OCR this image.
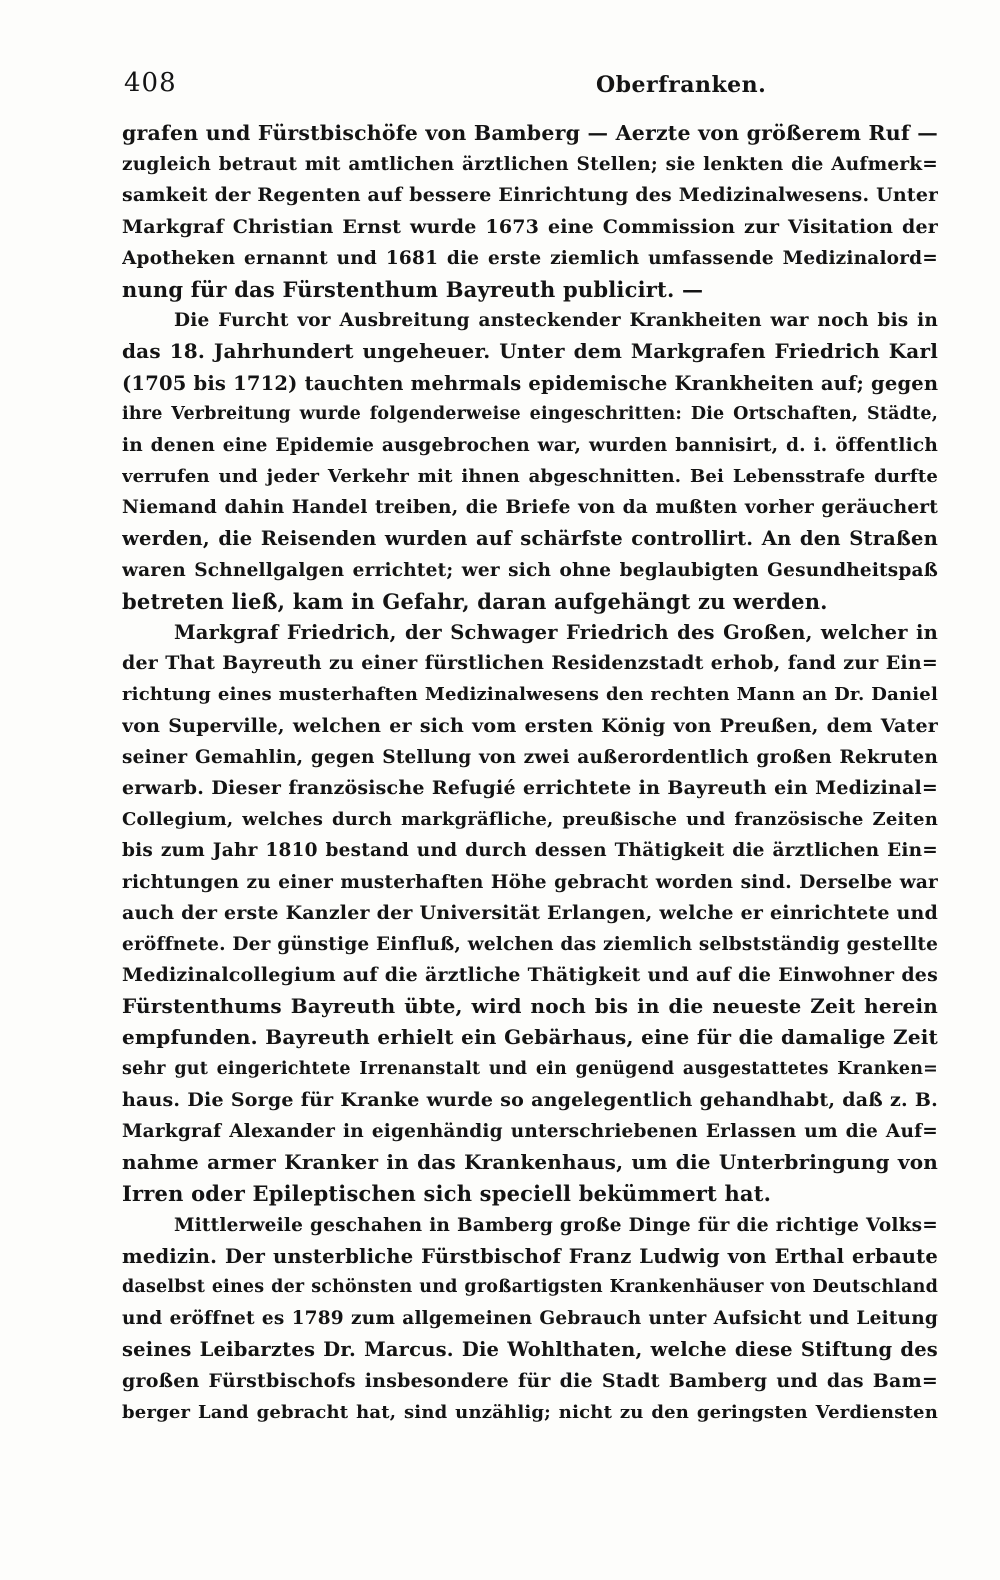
408	Oberfranken.
grafen und Fürstbischöfe von Bamberg — Aerzte von größerem Ruf —
zugleich betraut mit amtlichen ärztlichen Stellen; sie lenkten die Aufmerk=
samkeit der Regenten auf bessere Einrichtung des Medizinalwesens. Unter
Markgraf Christian Ernst wurde 1673 eine Commission zur Visitation der
Apotheken ernannt und 1681 die erste ziemlich umfassende Medizinalord=
nung für das Fürstenthum Bayreuth publicirt. —
Die Furcht vor Ausbreitung ansteckender Krankheiten war noch bis in
das 18. Jahrhundert ungeheuer. Unter dem Markgrafen Friedrich Karl
(1705 bis 1712) tauchten mehrmals epidemische Krankheiten auf; gegen
ihre Verbreitung wurde folgenderweise eingeschritten: Die Ortschaften, Städte,
in denen eine Epidemie ausgebrochen war, wurden bannisirt, d. i. öffentlich
verrufen und jeder Verkehr mit ihnen abgeschnitten. Bei Lebensstrafe durfte
Niemand dahin Handel treiben, die Briefe von da mußten vorher geräuchert
werden, die Reisenden wurden auf schärfste controllirt. An den Straßen
waren Schnellgalgen errichtet; wer sich ohne beglaubigten Gesundheitspaß
betreten ließ, kam in Gefahr, daran aufgehängt zu werden.
Markgraf Friedrich, der Schwager Friedrich des Großen, welcher in
der That Bayreuth zu einer fürstlichen Residenzstadt erhob, fand zur Ein=
richtung eines musterhaften Medizinalwesens den rechten Mann an Dr. Daniel
von Superville, welchen er sich vom ersten König von Preußen, dem Vater
seiner Gemahlin, gegen Stellung von zwei außerordentlich großen Rekruten
erwarb. Dieser französische Refugié errichtete in Bayreuth ein Medizinal=
Collegium, welches durch markgräfliche, preußische und französische Zeiten
bis zum Jahr 1810 bestand und durch dessen Thätigkeit die ärztlichen Ein=
richtungen zu einer musterhaften Höhe gebracht worden sind. Derselbe war
auch der erste Kanzler der Universität Erlangen, welche er einrichtete und
eröffnete. Der günstige Einfluß, welchen das ziemlich selbstständig gestellte
Medizinalcollegium auf die ärztliche Thätigkeit und auf die Einwohner des
Fürstenthums Bayreuth übte, wird noch bis in die neueste Zeit herein
empfunden. Bayreuth erhielt ein Gebärhaus, eine für die damalige Zeit
sehr gut eingerichtete Irrenanstalt und ein genügend ausgestattetes Kranken=
haus. Die Sorge für Kranke wurde so angelegentlich gehandhabt, daß z. B.
Markgraf Alexander in eigenhändig unterschriebenen Erlassen um die Auf=
nahme armer Kranker in das Krankenhaus, um die Unterbringung von
Irren oder Epileptischen sich speciell bekümmert hat.
Mittlerweile geschahen in Bamberg große Dinge für die richtige Volks=
medizin. Der unsterbliche Fürstbischof Franz Ludwig von Erthal erbaute
daselbst eines der schönsten und großartigsten Krankenhäuser von Deutschland
und eröffnet es 1789 zum allgemeinen Gebrauch unter Aufsicht und Leitung
seines Leibarztes Dr. Marcus. Die Wohlthaten, welche diese Stiftung des
großen Fürstbischofs insbesondere für die Stadt Bamberg und das Bam=
berger Land gebracht hat, sind unzählig; nicht zu den geringsten Verdiensten
